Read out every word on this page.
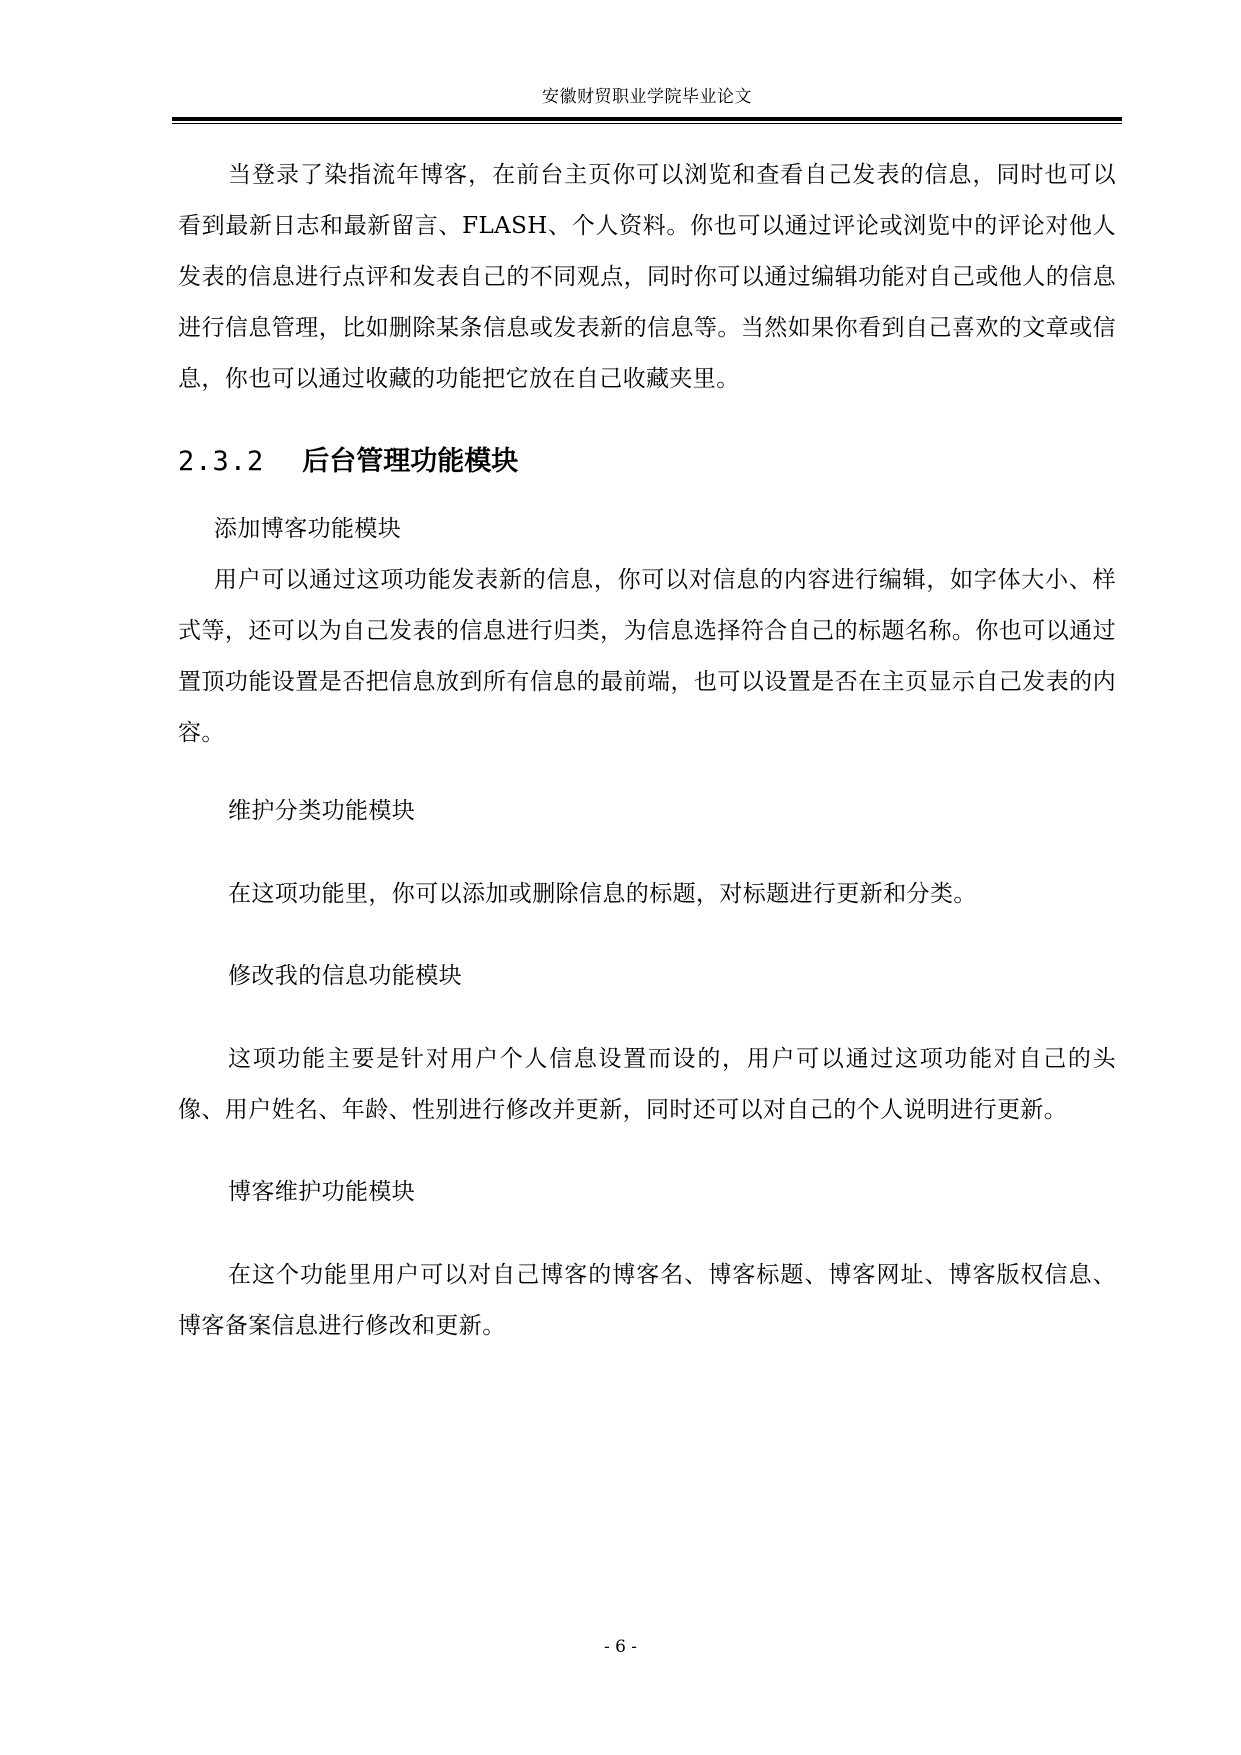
安徽财贸职业学院毕业论文

当登录了染指流年博客，在前台主页你可以浏览和查看自己发表的信息，同时也可以看到最新日志和最新留言、FLASH、个人资料。你也可以通过评论或浏览中的评论对他人发表的信息进行点评和发表自己的不同观点，同时你可以通过编辑功能对自己或他人的信息进行信息管理，比如删除某条信息或发表新的信息等。当然如果你看到自己喜欢的文章或信息，你也可以通过收藏的功能把它放在自己收藏夹里。

2.3.2 后台管理功能模块

添加博客功能模块

用户可以通过这项功能发表新的信息，你可以对信息的内容进行编辑，如字体大小、样式等，还可以为自己发表的信息进行归类，为信息选择符合自己的标题名称。你也可以通过置顶功能设置是否把信息放到所有信息的最前端，也可以设置是否在主页显示自己发表的内容。

维护分类功能模块

在这项功能里，你可以添加或删除信息的标题，对标题进行更新和分类。

修改我的信息功能模块

这项功能主要是针对用户个人信息设置而设的，用户可以通过这项功能对自己的头像、用户姓名、年龄、性别进行修改并更新，同时还可以对自己的个人说明进行更新。

博客维护功能模块

在这个功能里用户可以对自己博客的博客名、博客标题、博客网址、博客版权信息、博客备案信息进行修改和更新。

- 6 -
